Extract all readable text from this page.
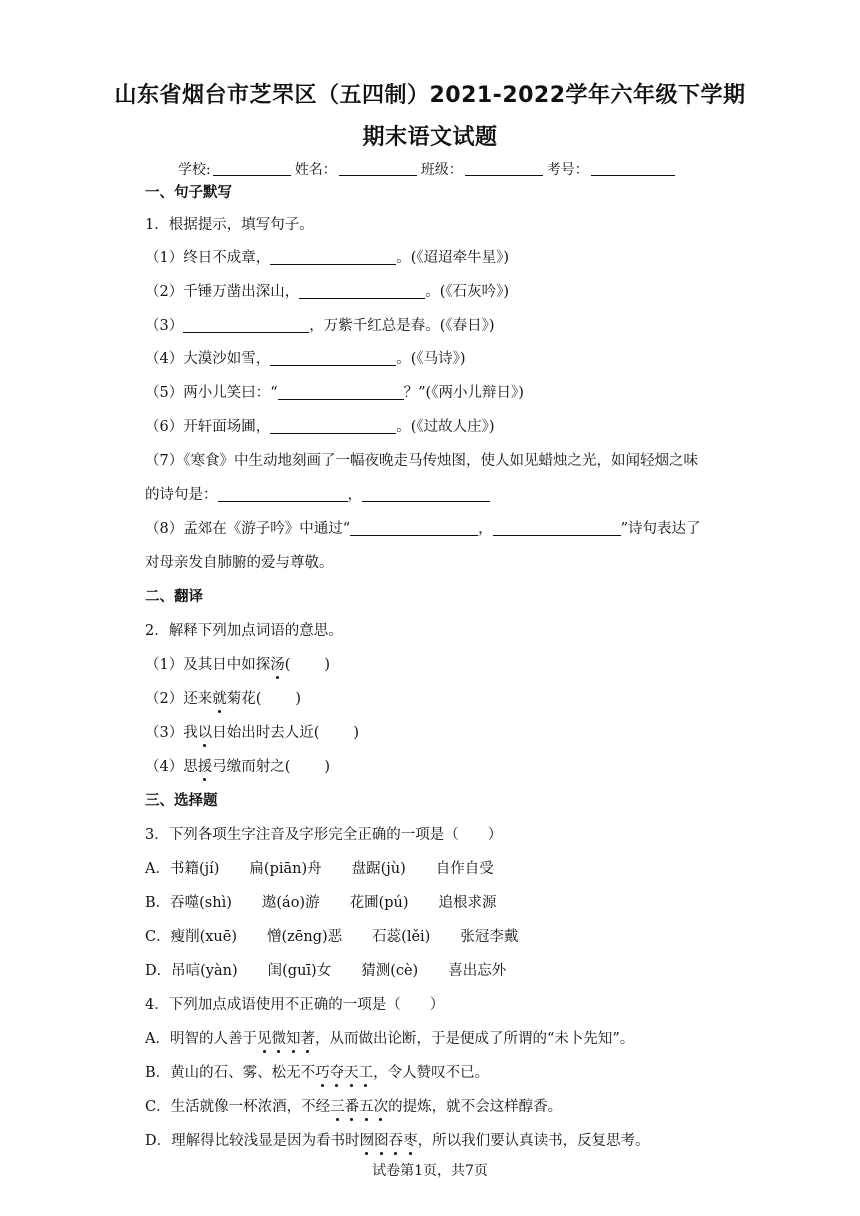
山东省烟台市芝罘区（五四制）2021-2022学年六年级下学期
期末语文试题
学校:	姓名：	班级：	考号：
一、句子默写
1．根据提示，填写句子。
（1）终日不成章，	。(《迢迢牵牛星》)
（2）千锤万凿出深山，	。(《石灰吟》)
（3）	，万紫千红总是春。(《春日》)
（4）大漠沙如雪，	。(《马诗》)
（5）两小儿笑曰：“	？”(《两小儿辩日》)
（6）开轩面场圃，	。(《过故人庄》)
（7）《寒食》中生动地刻画了一幅夜晚走马传烛图，使人如见蜡烛之光，如闻轻烟之味
的诗句是：	，
（8）孟郊在《游子吟》中通过“	，	”诗句表达了
对母亲发自肺腑的爱与尊敬。
二、翻译
2．解释下列加点词语的意思。
（1）及其日中如探汤( )
（2）还来就菊花( )
（3）我以日始出时去人近( )
（4）思援弓缴而射之( )
三、选择题
3．下列各项生字注音及字形完全正确的一项是（　　）
A．书籍(jí) 扁(piān)舟 盘踞(jù) 自作自受
B．吞噬(shì) 遨(áo)游 花圃(pú) 追根求源
C．瘦削(xuē) 憎(zēng)恶 石蕊(lěi) 张冠李戴
D．吊唁(yàn) 闺(guī)女 猜测(cè) 喜出忘外
4．下列加点成语使用不正确的一项是（　　）
A．明智的人善于见微知著，从而做出论断，于是便成了所谓的“未卜先知”。
B．黄山的石、雾、松无不巧夺天工，令人赞叹不已。
C．生活就像一杯浓酒，不经三番五次的提炼，就不会这样醇香。
D．理解得比较浅显是因为看书时囫囵吞枣，所以我们要认真读书，反复思考。
试卷第1页，共7页
